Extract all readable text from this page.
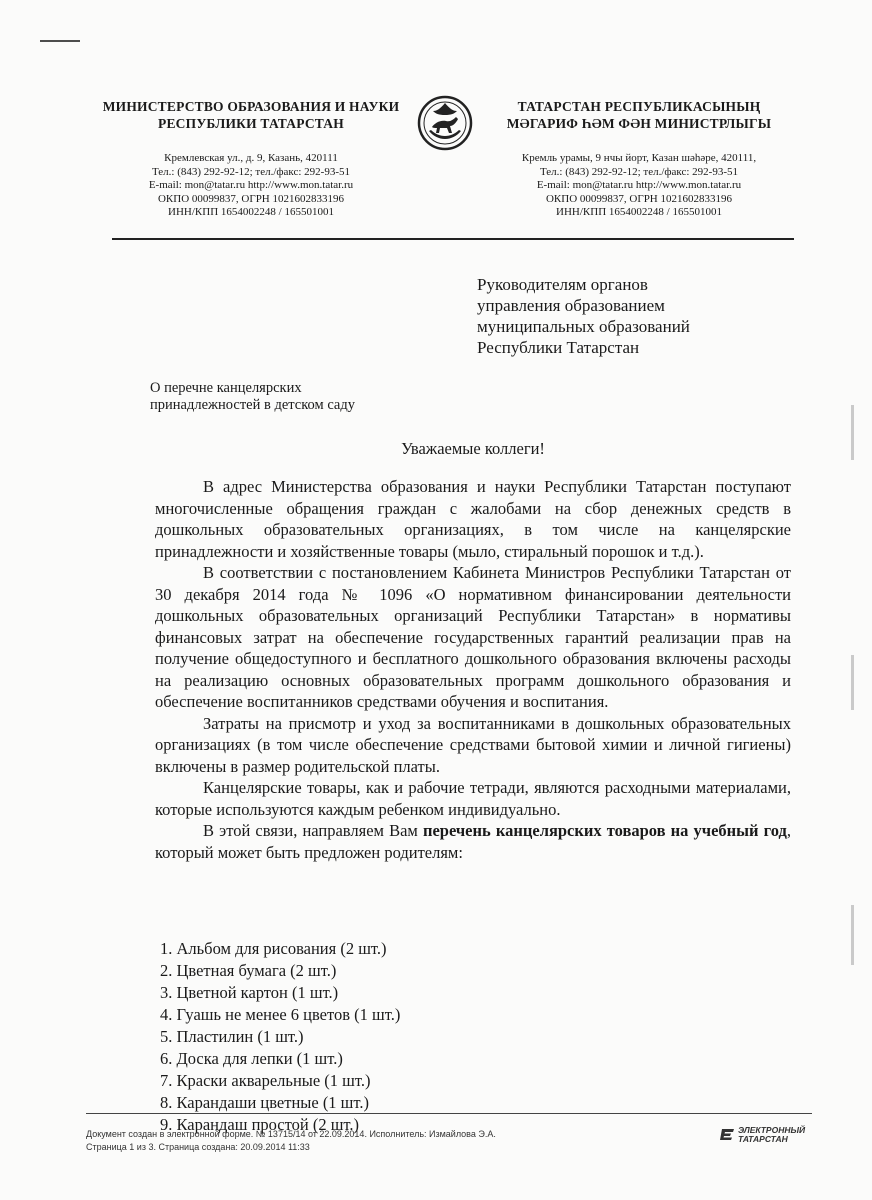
МИНИСТЕРСТВО ОБРАЗОВАНИЯ И НАУКИ
РЕСПУБЛИКИ ТАТАРСТАН
Кремлевская ул., д. 9, Казань, 420111
Тел.: (843) 292-92-12; тел./факс: 292-93-51
E-mail: mon@tatar.ru http://www.mon.tatar.ru
ОКПО 00099837, ОГРН 1021602833196
ИНН/КПП 1654002248 / 165501001
ТАТАРСТАН РЕСПУБЛИКАСЫНЫҢ
МӘГАРИФ ҺӘМ ФӘН МИНИСТРЛЫГЫ
Кремль урамы, 9 нчы йорт, Казан шәһәре, 420111,
Тел.: (843) 292-92-12; тел./факс: 292-93-51
E-mail: mon@tatar.ru http://www.mon.tatar.ru
ОКПО 00099837, ОГРН 1021602833196
ИНН/КПП 1654002248 / 165501001
Руководителям органов
управления образованием
муниципальных образований
Республики Татарстан
О перечне канцелярских
принадлежностей в детском саду
Уважаемые коллеги!

В адрес Министерства образования и науки Республики Татарстан поступают многочисленные обращения граждан с жалобами на сбор денежных средств в дошкольных образовательных организациях, в том числе на канцелярские принадлежности и хозяйственные товары (мыло, стиральный порошок и т.д.).

В соответствии с постановлением Кабинета Министров Республики Татарстан от 30 декабря 2014 года № 1096 «О нормативном финансировании деятельности дошкольных образовательных организаций Республики Татарстан» в нормативы финансовых затрат на обеспечение государственных гарантий реализации прав на получение общедоступного и бесплатного дошкольного образования включены расходы на реализацию основных образовательных программ дошкольного образования и обеспечение воспитанников средствами обучения и воспитания.

Затраты на присмотр и уход за воспитанниками в дошкольных образовательных организациях (в том числе обеспечение средствами бытовой химии и личной гигиены) включены в размер родительской платы.

Канцелярские товары, как и рабочие тетради, являются расходными материалами, которые используются каждым ребенком индивидуально.

В этой связи, направляем Вам перечень канцелярских товаров на учебный год, который может быть предложен родителям:

1. Альбом для рисования (2 шт.)
2. Цветная бумага (2 шт.)
3. Цветной картон (1 шт.)
4. Гуашь не менее 6 цветов (1 шт.)
5. Пластилин (1 шт.)
6. Доска для лепки (1 шт.)
7. Краски акварельные (1 шт.)
8. Карандаши цветные (1 шт.)
9. Карандаш простой (2 шт.)
Документ создан в электронной форме. № 13715/14 от 22.09.2014. Исполнитель: Измайлова Э.А.
Страница 1 из 3. Страница создана: 20.09.2014 11:33
ЭЛЕКТРОННЫЙ
ТАТАРСТАН
